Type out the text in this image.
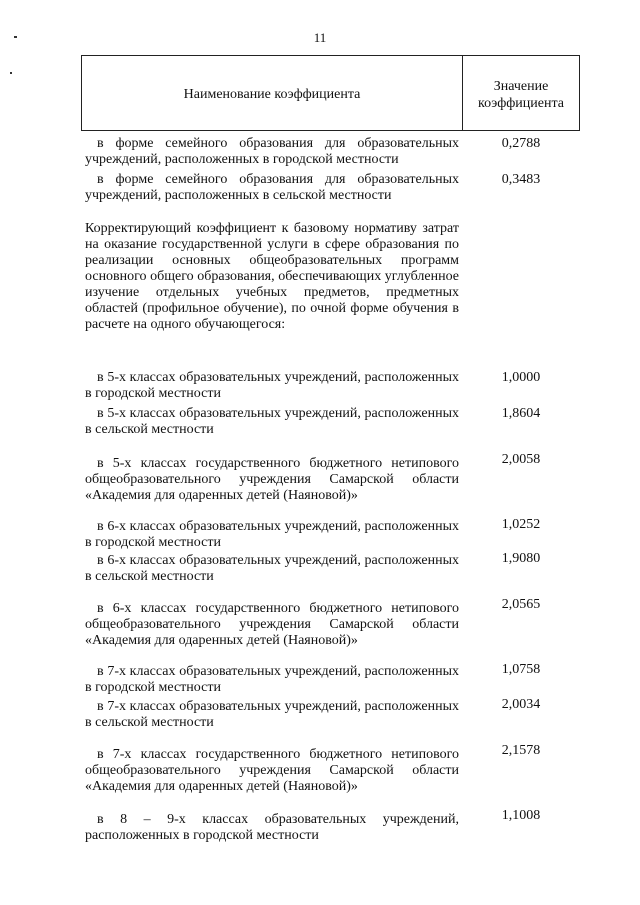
11
Наименование коэффициента
Значение
коэффициента
в форме семейного образования для образовательных учреждений, расположенных в городской местности
0,2788
в форме семейного образования для образовательных учреждений, расположенных в сельской местности
0,3483
Корректирующий коэффициент к базовому нормативу затрат на оказание государственной услуги в сфере образования по реализации основных общеобразовательных программ основного общего образования, обеспечивающих углубленное изучение отдельных учебных предметов, предметных областей (профильное обучение), по очной форме обучения в расчете на одного обучающегося:
в 5-х классах образовательных учреждений, расположенных в городской местности
1,0000
в 5-х классах образовательных учреждений, расположенных в сельской местности
1,8604
в 5-х классах государственного бюджетного нетипового общеобразовательного учреждения Самарской области «Академия для одаренных детей (Наяновой)»
2,0058
в 6-х классах образовательных учреждений, расположенных в городской местности
1,0252
в 6-х классах образовательных учреждений, расположенных в сельской местности
1,9080
в 6-х классах государственного бюджетного нетипового общеобразовательного учреждения Самарской области «Академия для одаренных детей (Наяновой)»
2,0565
в 7-х классах образовательных учреждений, расположенных в городской местности
1,0758
в 7-х классах образовательных учреждений, расположенных в сельской местности
2,0034
в 7-х классах государственного бюджетного нетипового общеобразовательного учреждения Самарской области «Академия для одаренных детей (Наяновой)»
2,1578
в 8 – 9-х классах образовательных учреждений, расположенных в городской местности
1,1008
